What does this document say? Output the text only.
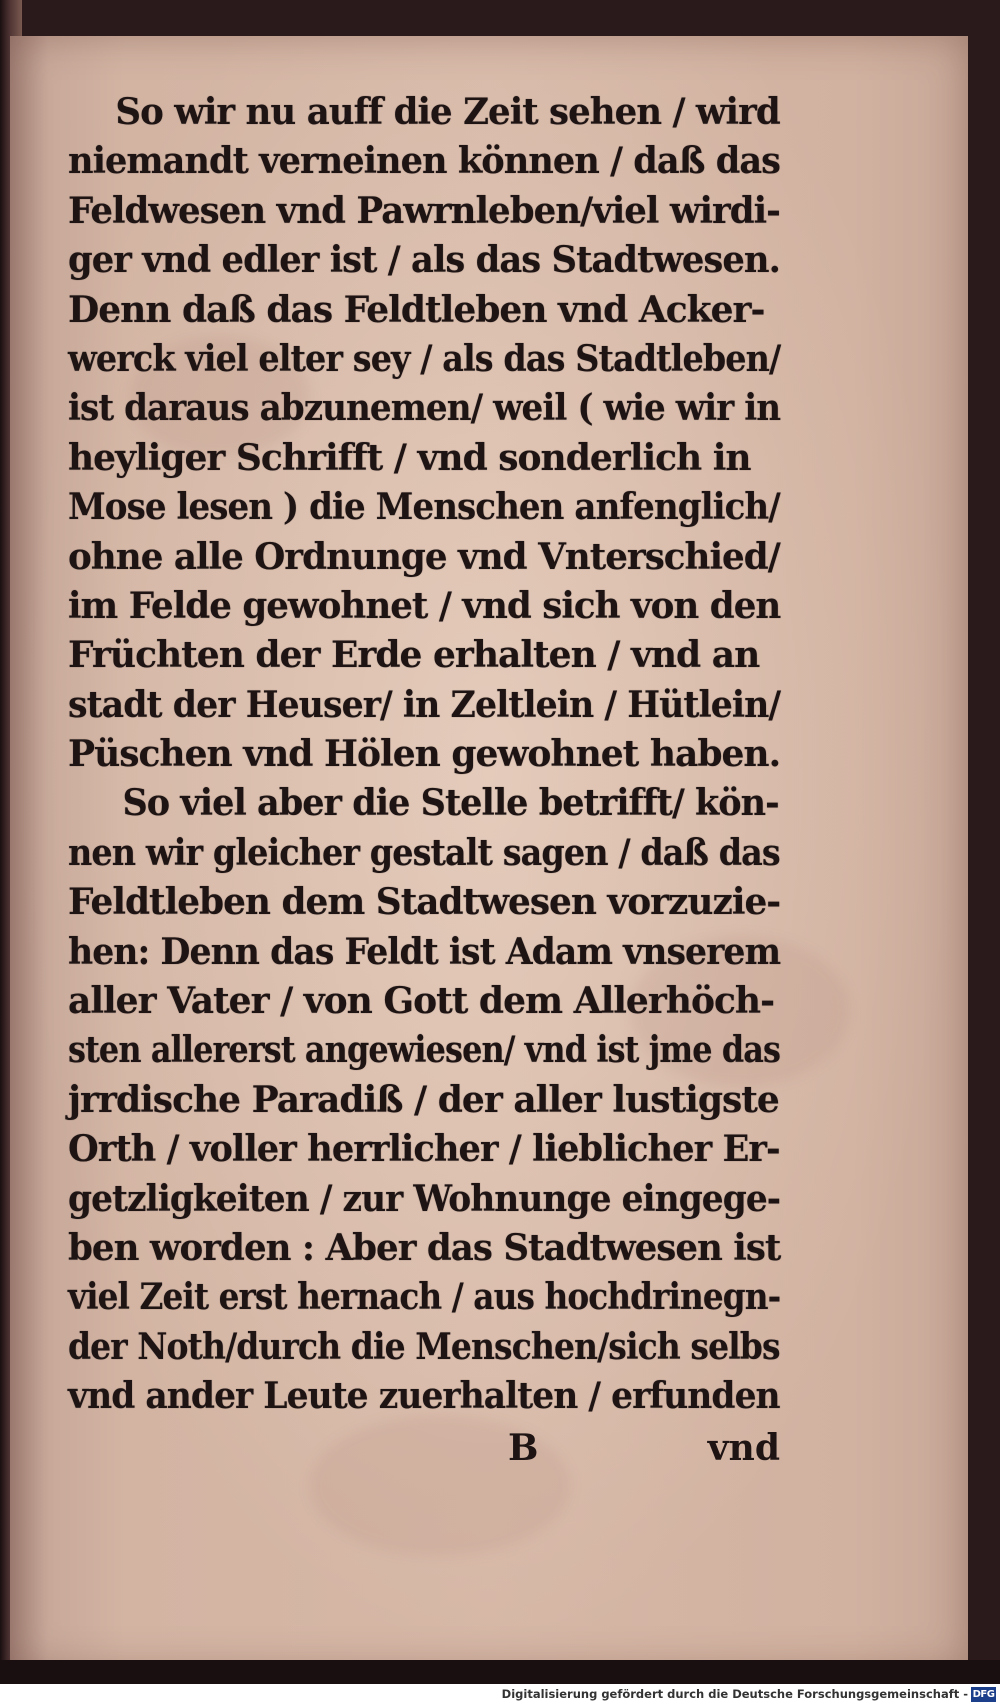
So wir nu auff die Zeit sehen / wird
niemandt verneinen können / daß das
Feldwesen vnd Pawrnleben/viel wirdi-
ger vnd edler ist / als das Stadtwesen.
Denn daß das Feldtleben vnd Acker-
werck viel elter sey / als das Stadtleben/
ist daraus abzunemen/ weil ( wie wir in
heyliger Schrifft / vnd sonderlich in
Mose lesen ) die Menschen anfenglich/
ohne alle Ordnunge vnd Vnterschied/
im Felde gewohnet / vnd sich von den
Früchten der Erde erhalten / vnd an
stadt der Heuser/ in Zeltlein / Hütlein/
Püschen vnd Hölen gewohnet haben.
So viel aber die Stelle betrifft/ kön-
nen wir gleicher gestalt sagen / daß das
Feldtleben dem Stadtwesen vorzuzie-
hen: Denn das Feldt ist Adam vnserem
aller Vater / von Gott dem Allerhöch-
sten allererst angewiesen/ vnd ist jme das
jrrdische Paradiß / der aller lustigste
Orth / voller herrlicher / lieblicher Er-
getzligkeiten / zur Wohnunge eingege-
ben worden : Aber das Stadtwesen ist
viel Zeit erst hernach / aus hochdrinegn-
der Noth/durch die Menschen/sich selbs
vnd ander Leute zuerhalten / erfunden
B	vnd
Digitalisierung gefördert durch die Deutsche Forschungsgemeinschaft - DFG
